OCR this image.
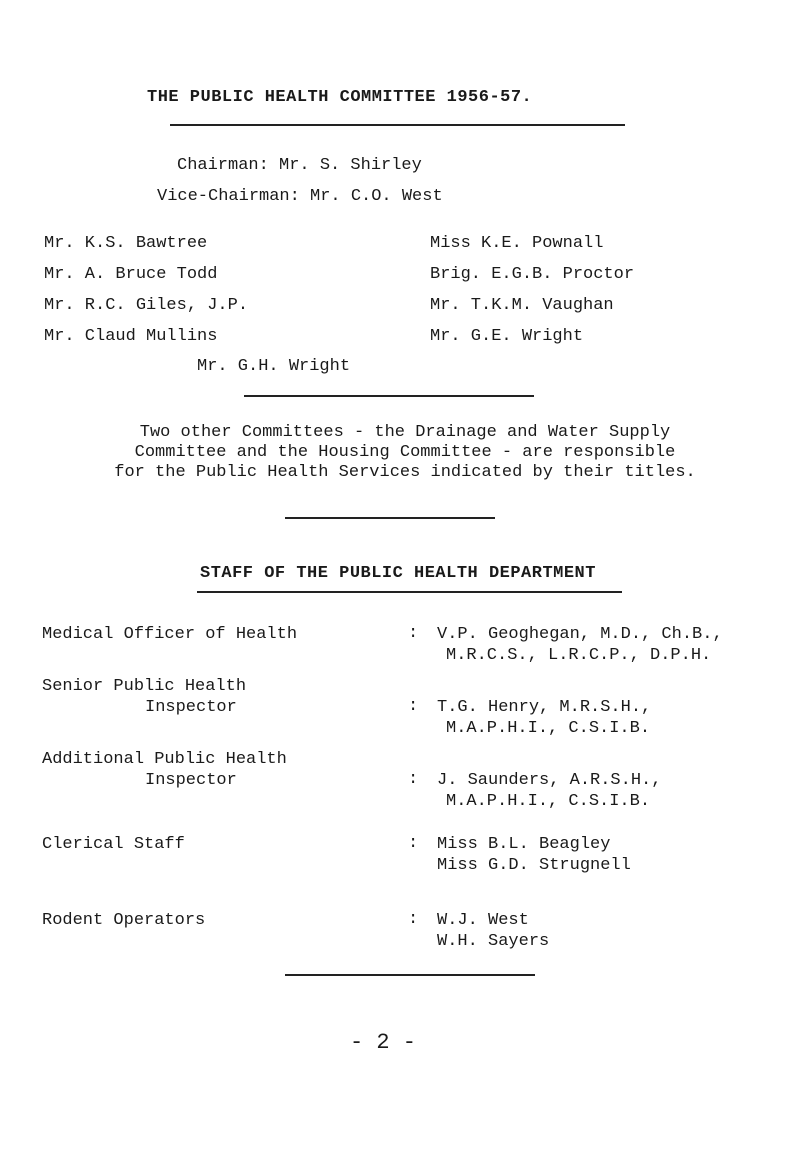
THE PUBLIC HEALTH COMMITTEE 1956-57.
Chairman: Mr. S. Shirley
Vice-Chairman: Mr. C.O. West
Mr. K.S. Bawtree
Mr. A. Bruce Todd
Mr. R.C. Giles, J.P.
Mr. Claud Mullins
Miss K.E. Pownall
Brig. E.G.B. Proctor
Mr. T.K.M. Vaughan
Mr. G.E. Wright
Mr. G.H. Wright
Two other Committees - the Drainage and Water Supply
Committee and the Housing Committee - are responsible
for the Public Health Services indicated by their titles.
STAFF OF THE PUBLIC HEALTH DEPARTMENT
Medical Officer of Health	: V.P. Geoghegan, M.D., Ch.B.,
M.R.C.S., L.R.C.P., D.P.H.
Senior Public Health
Inspector	: T.G. Henry, M.R.S.H.,
M.A.P.H.I., C.S.I.B.
Additional Public Health
Inspector	: J. Saunders, A.R.S.H.,
M.A.P.H.I., C.S.I.B.
Clerical Staff	: Miss B.L. Beagley
Miss G.D. Strugnell
Rodent Operators	: W.J. West
W.H. Sayers
- 2 -
